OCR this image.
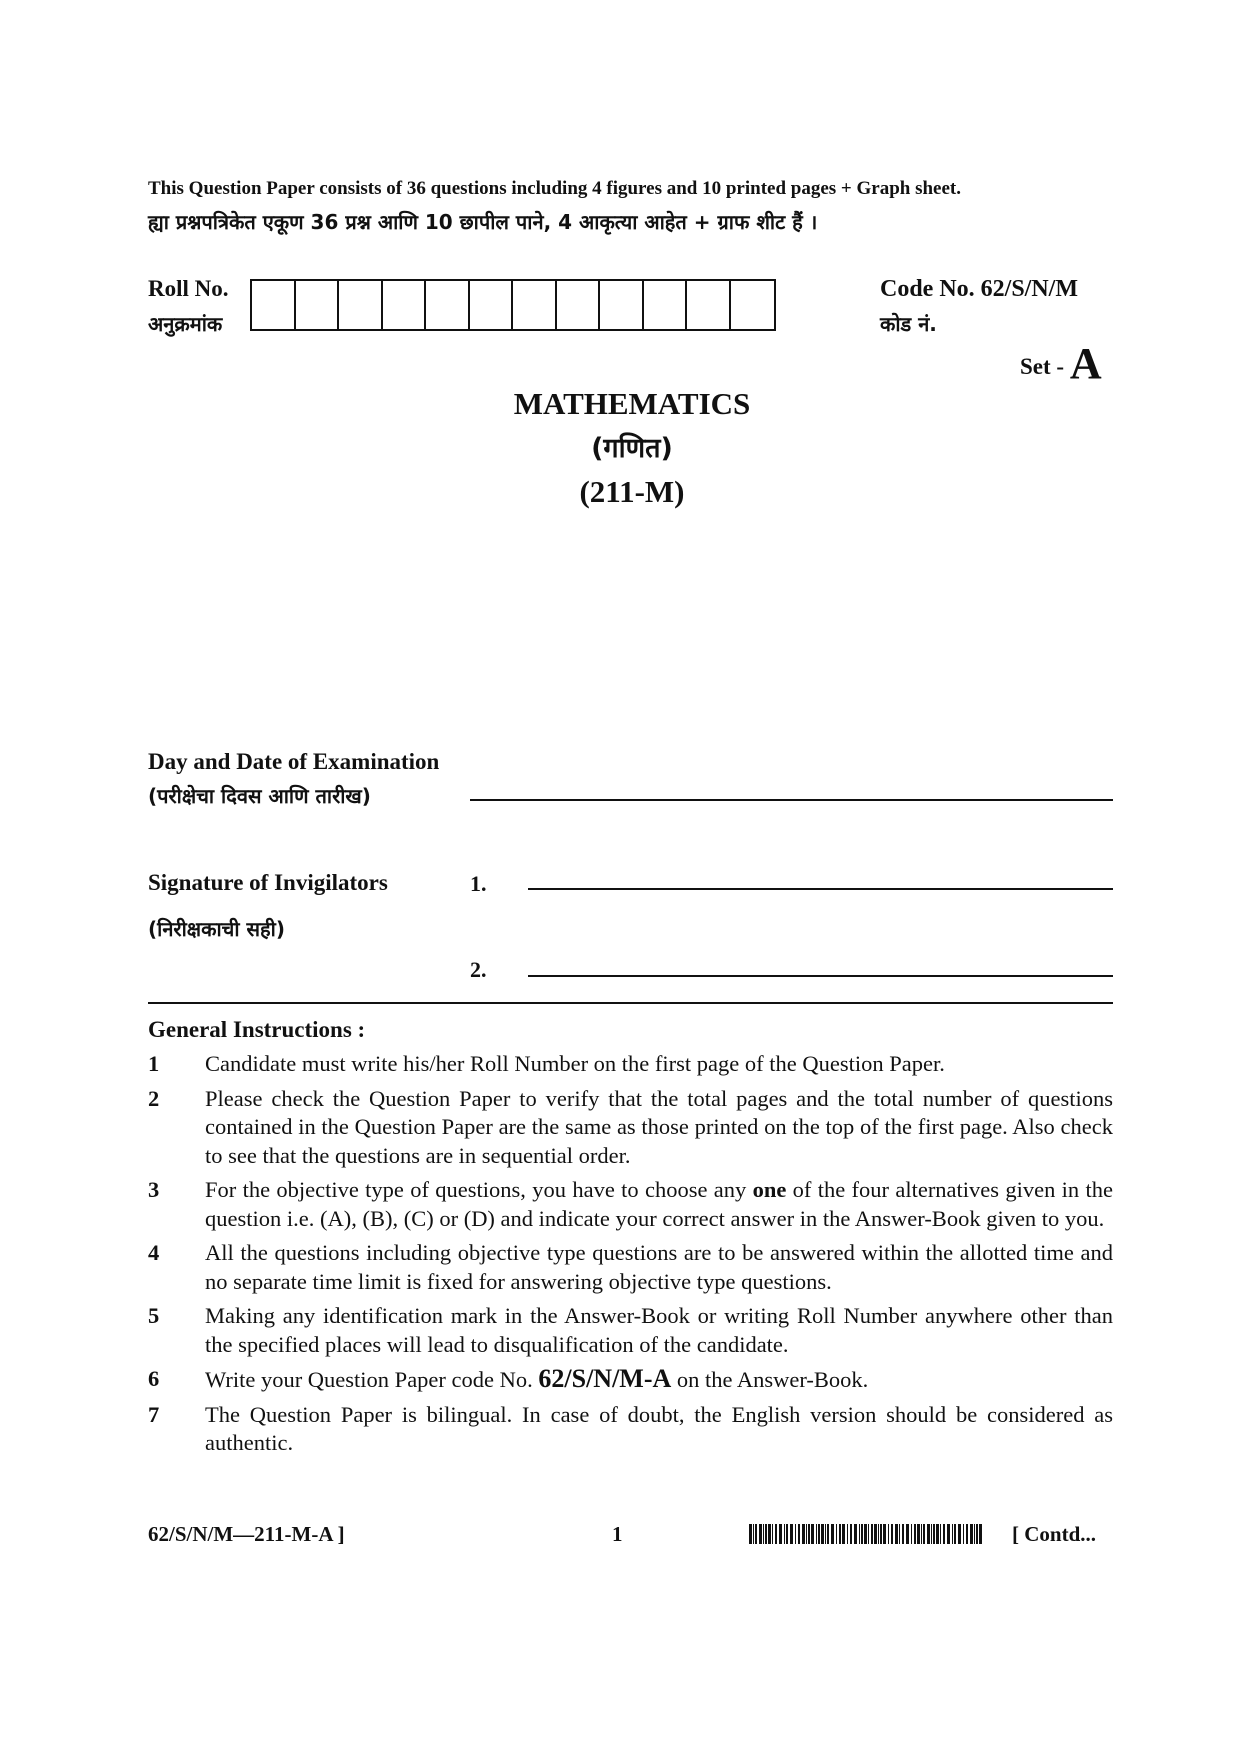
This Question Paper consists of 36 questions including 4 figures and 10 printed pages + Graph sheet.
ह्या प्रश्नपत्रिकेत एकूण 36 प्रश्न आणि 10 छापील पाने, 4 आकृत्या आहेत + ग्राफ शीट हैं ।
Roll No.
अनुक्रमांक
Code No. 62/S/N/M
कोड नं.
Set - A
MATHEMATICS
(गणित)
(211-M)
Day and Date of Examination
(परीक्षेचा दिवस आणि तारीख)
Signature of Invigilators
(निरीक्षकाची सही)
1.
2.
General Instructions :
1	Candidate must write his/her Roll Number on the first page of the Question Paper.
2	Please check the Question Paper to verify that the total pages and the total number of questions contained in the Question Paper are the same as those printed on the top of the first page. Also check to see that the questions are in sequential order.
3	For the objective type of questions, you have to choose any one of the four alternatives given in the question i.e. (A), (B), (C) or (D) and indicate your correct answer in the Answer-Book given to you.
4	All the questions including objective type questions are to be answered within the allotted time and no separate time limit is fixed for answering objective type questions.
5	Making any identification mark in the Answer-Book or writing Roll Number anywhere other than the specified places will lead to disqualification of the candidate.
6	Write your Question Paper code No. 62/S/N/M-A on the Answer-Book.
7	The Question Paper is bilingual. In case of doubt, the English version should be considered as authentic.
62/S/N/M—211-M-A ]	1	[ Contd...
